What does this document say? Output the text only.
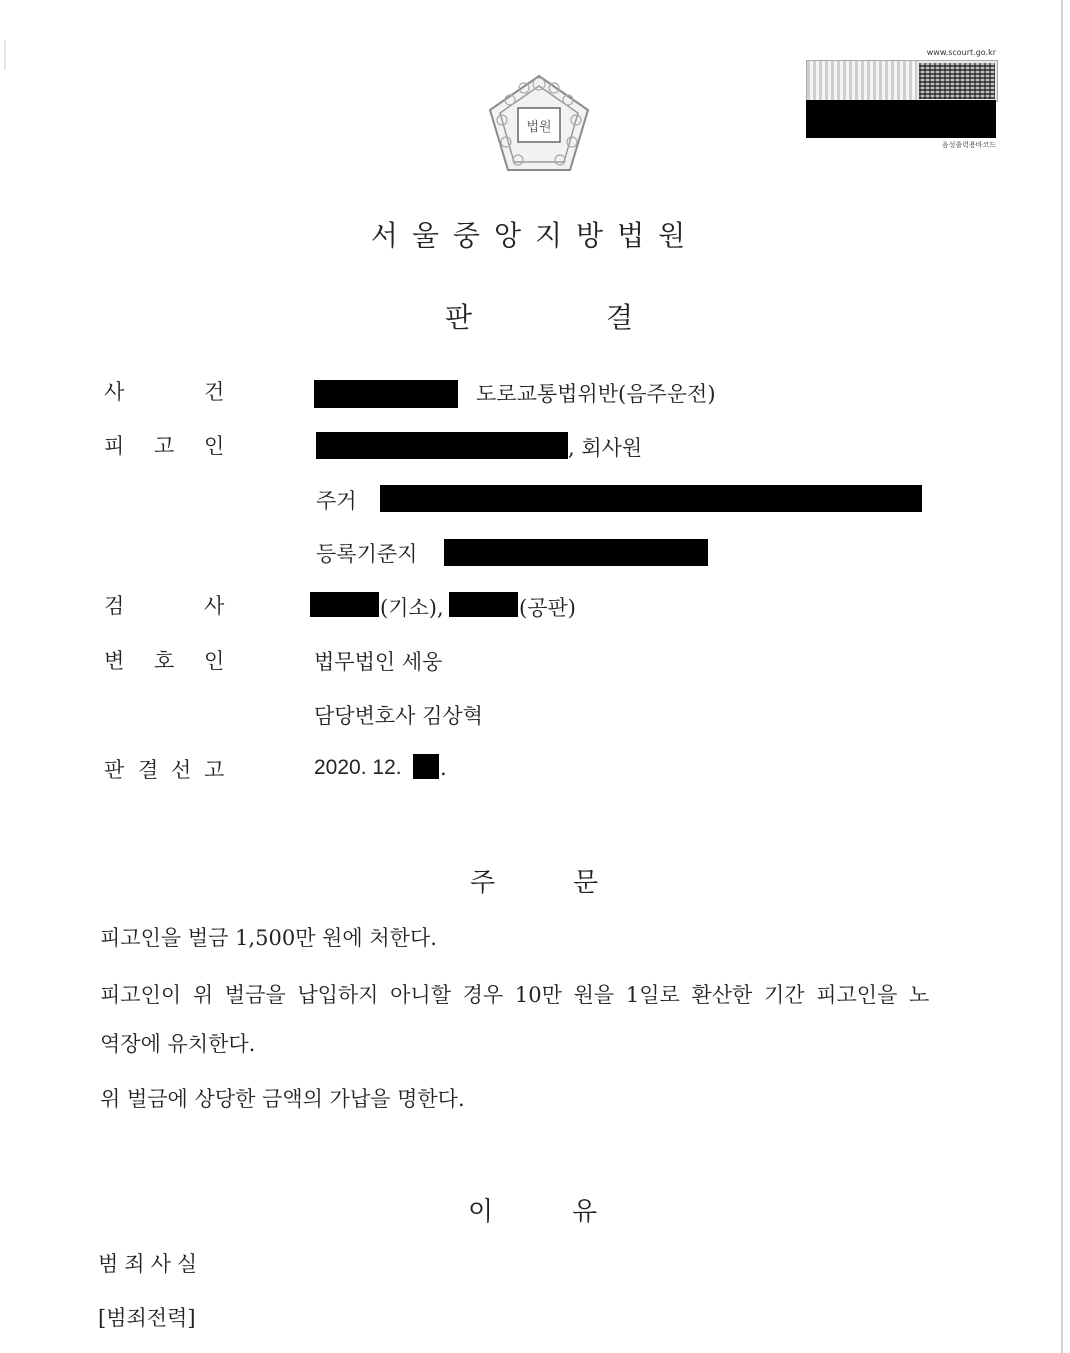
www.scourt.go.kr
음성출력용바코드
법원
서울중앙지방법원
판	결
사	건	도로교통법위반(음주운전)
피 고 인	, 회사원
주거
등록기준지
검	사	(기소),	(공판)
변 호 인	법무법인 세웅
담당변호사 김상혁
판 결 선 고	2020. 12. .
주	문
피고인을 벌금 1,500만 원에 처한다.
피고인이 위 벌금을 납입하지 아니할 경우 10만 원을 1일로 환산한 기간 피고인을 노
역장에 유치한다.
위 벌금에 상당한 금액의 가납을 명한다.
이	유
범죄사실
[범죄전력]
